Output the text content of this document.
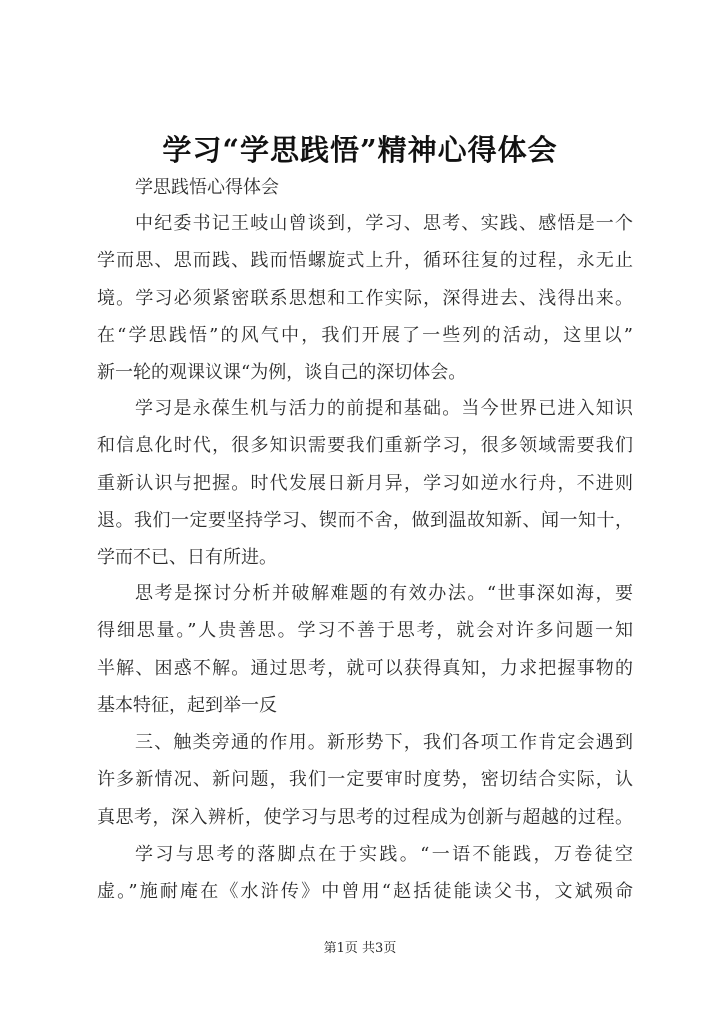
学习“学思践悟”精神心得体会
学思践悟心得体会
中纪委书记王岐山曾谈到，学习、思考、实践、感悟是一个
学而思、思而践、践而悟螺旋式上升，循环往复的过程，永无止
境。学习必须紧密联系思想和工作实际，深得进去、浅得出来。
在“学思践悟”的风气中，我们开展了一些列的活动，这里以”
新一轮的观课议课“为例，谈自己的深切体会。
学习是永葆生机与活力的前提和基础。当今世界已进入知识
和信息化时代，很多知识需要我们重新学习，很多领域需要我们
重新认识与把握。时代发展日新月异，学习如逆水行舟，不进则
退。我们一定要坚持学习、锲而不舍，做到温故知新、闻一知十，
学而不已、日有所进。
思考是探讨分析并破解难题的有效办法。“世事深如海，要
得细思量。”人贵善思。学习不善于思考，就会对许多问题一知
半解、困惑不解。通过思考，就可以获得真知，力求把握事物的
基本特征，起到举一反
三、触类旁通的作用。新形势下，我们各项工作肯定会遇到
许多新情况、新问题，我们一定要审时度势，密切结合实际，认
真思考，深入辨析，使学习与思考的过程成为创新与超越的过程。
学习与思考的落脚点在于实践。“一语不能践，万卷徒空
虚。”施耐庵在《水浒传》中曾用“赵括徒能读父书，文斌殒命
第1页 共3页
